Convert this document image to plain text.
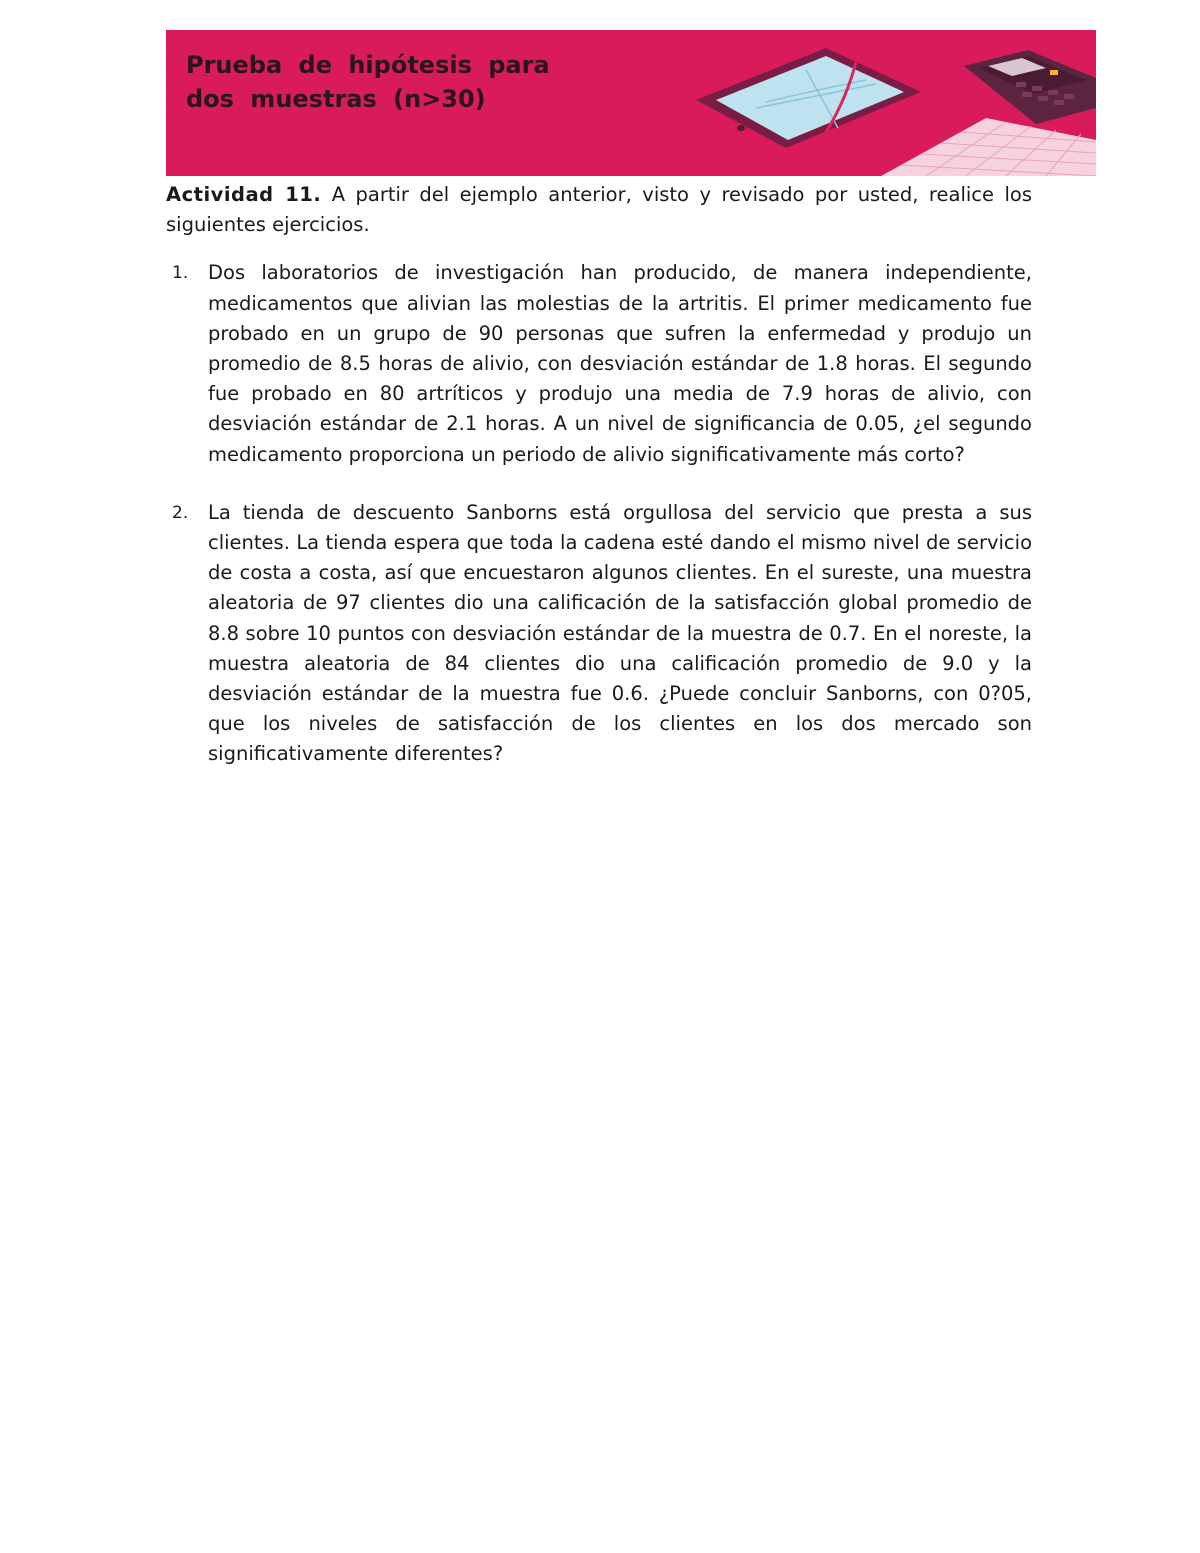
Prueba de hipótesis para dos muestras (n>30)

Actividad 11. A partir del ejemplo anterior, visto y revisado por usted, realice los siguientes ejercicios.

1. Dos laboratorios de investigación han producido, de manera independiente, medicamentos que alivian las molestias de la artritis. El primer medicamento fue probado en un grupo de 90 personas que sufren la enfermedad y produjo un promedio de 8.5 horas de alivio, con desviación estándar de 1.8 horas. El segundo fue probado en 80 artríticos y produjo una media de 7.9 horas de alivio, con desviación estándar de 2.1 horas. A un nivel de significancia de 0.05, ¿el segundo medicamento proporciona un periodo de alivio significativamente más corto?
2. La tienda de descuento Sanborns está orgullosa del servicio que presta a sus clientes. La tienda espera que toda la cadena esté dando el mismo nivel de servicio de costa a costa, así que encuestaron algunos clientes. En el sureste, una muestra aleatoria de 97 clientes dio una calificación de la satisfacción global promedio de 8.8 sobre 10 puntos con desviación estándar de la muestra de 0.7. En el noreste, la muestra aleatoria de 84 clientes dio una calificación promedio de 9.0 y la desviación estándar de la muestra fue 0.6. ¿Puede concluir Sanborns, con 0?05, que los niveles de satisfacción de los clientes en los dos mercado son significativamente diferentes?
